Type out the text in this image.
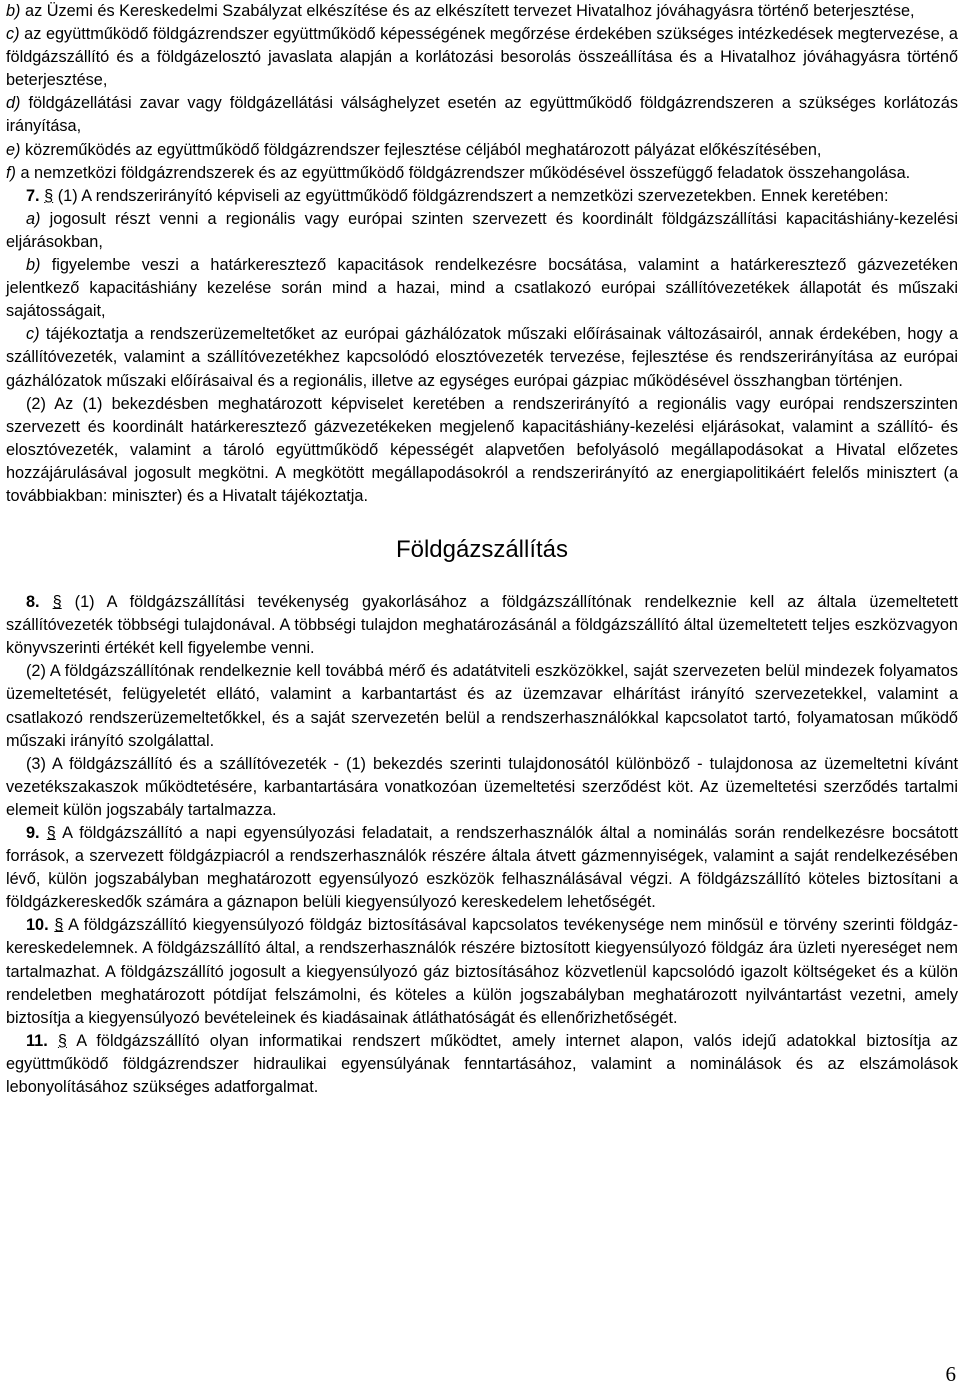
b) az Üzemi és Kereskedelmi Szabályzat elkészítése és az elkészített tervezet Hivatalhoz jóváhagyásra történő beterjesztése,

c) az együttműködő földgázrendszer együttműködő képességének megőrzése érdekében szükséges intézkedések megtervezése, a földgázszállító és a földgázelosztó javaslata alapján a korlátozási besorolás összeállítása és a Hivatalhoz jóváhagyásra történő beterjesztése,

d) földgázellátási zavar vagy földgázellátási válsághelyzet esetén az együttműködő földgázrendszeren a szükséges korlátozás irányítása,

e) közreműködés az együttműködő földgázrendszer fejlesztése céljából meghatározott pályázat előkészítésében,

f) a nemzetközi földgázrendszerek és az együttműködő földgázrendszer működésével összefüggő feladatok összehangolása.

7. § (1) A rendszerirányító képviseli az együttműködő földgázrendszert a nemzetközi szervezetekben. Ennek keretében:

a) jogosult részt venni a regionális vagy európai szinten szervezett és koordinált földgázszállítási kapacitáshiány-kezelési eljárásokban,

b) figyelembe veszi a határkeresztező kapacitások rendelkezésre bocsátása, valamint a határkeresztező gázvezetéken jelentkező kapacitáshiány kezelése során mind a hazai, mind a csatlakozó európai szállítóvezetékek állapotát és műszaki sajátosságait,

c) tájékoztatja a rendszerüzemeltetőket az európai gázhálózatok műszaki előírásainak változásairól, annak érdekében, hogy a szállítóvezeték, valamint a szállítóvezetékhez kapcsolódó elosztóvezeték tervezése, fejlesztése és rendszerirányítása az európai gázhálózatok műszaki előírásaival és a regionális, illetve az egységes európai gázpiac működésével összhangban történjen.

(2) Az (1) bekezdésben meghatározott képviselet keretében a rendszerirányító a regionális vagy európai rendszerszinten szervezett és koordinált határkeresztező gázvezetékeken megjelenő kapacitáshiány-kezelési eljárásokat, valamint a szállító- és elosztóvezeték, valamint a tároló együttműködő képességét alapvetően befolyásoló megállapodásokat a Hivatal előzetes hozzájárulásával jogosult megkötni. A megkötött megállapodásokról a rendszerirányító az energiapolitikáért felelős minisztert (a továbbiakban: miniszter) és a Hivatalt tájékoztatja.

Földgázszállítás

8. § (1) A földgázszállítási tevékenység gyakorlásához a földgázszállítónak rendelkeznie kell az általa üzemeltetett szállítóvezeték többségi tulajdonával. A többségi tulajdon meghatározásánál a földgázszállító által üzemeltetett teljes eszközvagyon könyvszerinti értékét kell figyelembe venni.

(2) A földgázszállítónak rendelkeznie kell továbbá mérő és adatátviteli eszközökkel, saját szervezeten belül mindezek folyamatos üzemeltetését, felügyeletét ellátó, valamint a karbantartást és az üzemzavar elhárítást irányító szervezetekkel, valamint a csatlakozó rendszerüzemeltetőkkel, és a saját szervezetén belül a rendszerhasználókkal kapcsolatot tartó, folyamatosan működő műszaki irányító szolgálattal.

(3) A földgázszállító és a szállítóvezeték - (1) bekezdés szerinti tulajdonosától különböző - tulajdonosa az üzemeltetni kívánt vezetékszakaszok működtetésére, karbantartására vonatkozóan üzemeltetési szerződést köt. Az üzemeltetési szerződés tartalmi elemeit külön jogszabály tartalmazza.

9. § A földgázszállító a napi egyensúlyozási feladatait, a rendszerhasználók által a nominálás során rendelkezésre bocsátott források, a szervezett földgázpiacról a rendszerhasználók részére általa átvett gázmennyiségek, valamint a saját rendelkezésében lévő, külön jogszabályban meghatározott egyensúlyozó eszközök felhasználásával végzi. A földgázszállító köteles biztosítani a földgázkereskedők számára a gáznapon belüli kiegyensúlyozó kereskedelem lehetőségét.

10. § A földgázszállító kiegyensúlyozó földgáz biztosításával kapcsolatos tevékenysége nem minősül e törvény szerinti földgáz-kereskedelemnek. A földgázszállító által, a rendszerhasználók részére biztosított kiegyensúlyozó földgáz ára üzleti nyereséget nem tartalmazhat. A földgázszállító jogosult a kiegyensúlyozó gáz biztosításához közvetlenül kapcsolódó igazolt költségeket és a külön rendeletben meghatározott pótdíjat felszámolni, és köteles a külön jogszabályban meghatározott nyilvántartást vezetni, amely biztosítja a kiegyensúlyozó bevételeinek és kiadásainak átláthatóságát és ellenőrizhetőségét.

11. § A földgázszállító olyan informatikai rendszert működtet, amely internet alapon, valós idejű adatokkal biztosítja az együttműködő földgázrendszer hidraulikai egyensúlyának fenntartásához, valamint a nominálások és az elszámolások lebonyolításához szükséges adatforgalmat.

6
